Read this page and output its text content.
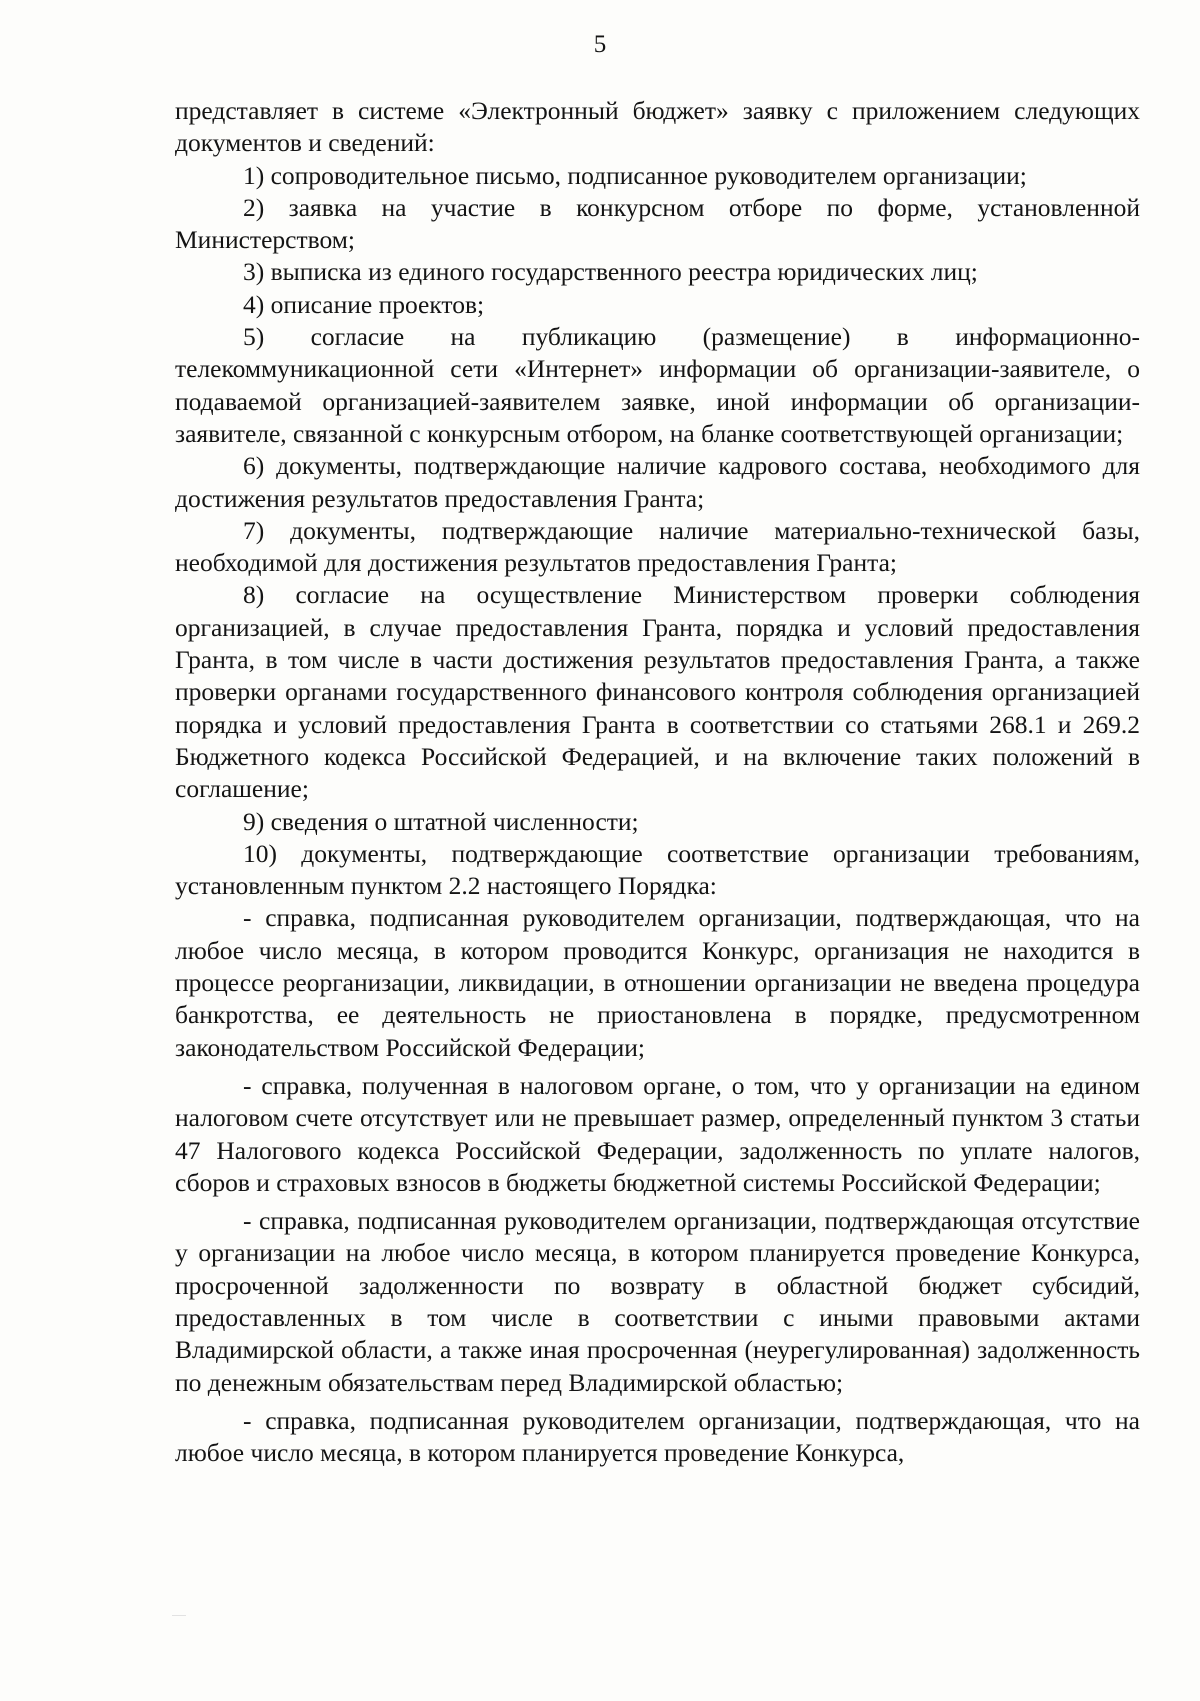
5

представляет в системе «Электронный бюджет» заявку с приложением следующих документов и сведений:

1) сопроводительное письмо, подписанное руководителем организации;

2) заявка на участие в конкурсном отборе по форме, установленной Министерством;

3) выписка из единого государственного реестра юридических лиц;

4) описание проектов;

5) согласие на публикацию (размещение) в информационно-телекоммуникационной сети «Интернет» информации об организации-заявителе, о подаваемой организацией-заявителем заявке, иной информации об организации-заявителе, связанной с конкурсным отбором, на бланке соответствующей организации;

6) документы, подтверждающие наличие кадрового состава, необходимого для достижения результатов предоставления Гранта;

7) документы, подтверждающие наличие материально-технической базы, необходимой для достижения результатов предоставления Гранта;

8) согласие на осуществление Министерством проверки соблюдения организацией, в случае предоставления Гранта, порядка и условий предоставления Гранта, в том числе в части достижения результатов предоставления Гранта, а также проверки органами государственного финансового контроля соблюдения организацией порядка и условий предоставления Гранта в соответствии со статьями 268.1 и 269.2 Бюджетного кодекса Российской Федерацией, и на включение таких положений в соглашение;

9) сведения о штатной численности;

10) документы, подтверждающие соответствие организации требованиям, установленным пунктом 2.2 настоящего Порядка:

- справка, подписанная руководителем организации, подтверждающая, что на любое число месяца, в котором проводится Конкурс, организация не находится в процессе реорганизации, ликвидации, в отношении организации не введена процедура банкротства, ее деятельность не приостановлена в порядке, предусмотренном законодательством Российской Федерации;

- справка, полученная в налоговом органе, о том, что у организации на едином налоговом счете отсутствует или не превышает размер, определенный пунктом 3 статьи 47 Налогового кодекса Российской Федерации, задолженность по уплате налогов, сборов и страховых взносов в бюджеты бюджетной системы Российской Федерации;

- справка, подписанная руководителем организации, подтверждающая отсутствие у организации на любое число месяца, в котором планируется проведение Конкурса, просроченной задолженности по возврату в областной бюджет субсидий, предоставленных в том числе в соответствии с иными правовыми актами Владимирской области, а также иная просроченная (неурегулированная) задолженность по денежным обязательствам перед Владимирской областью;

- справка, подписанная руководителем организации, подтверждающая, что на любое число месяца, в котором планируется проведение Конкурса,
